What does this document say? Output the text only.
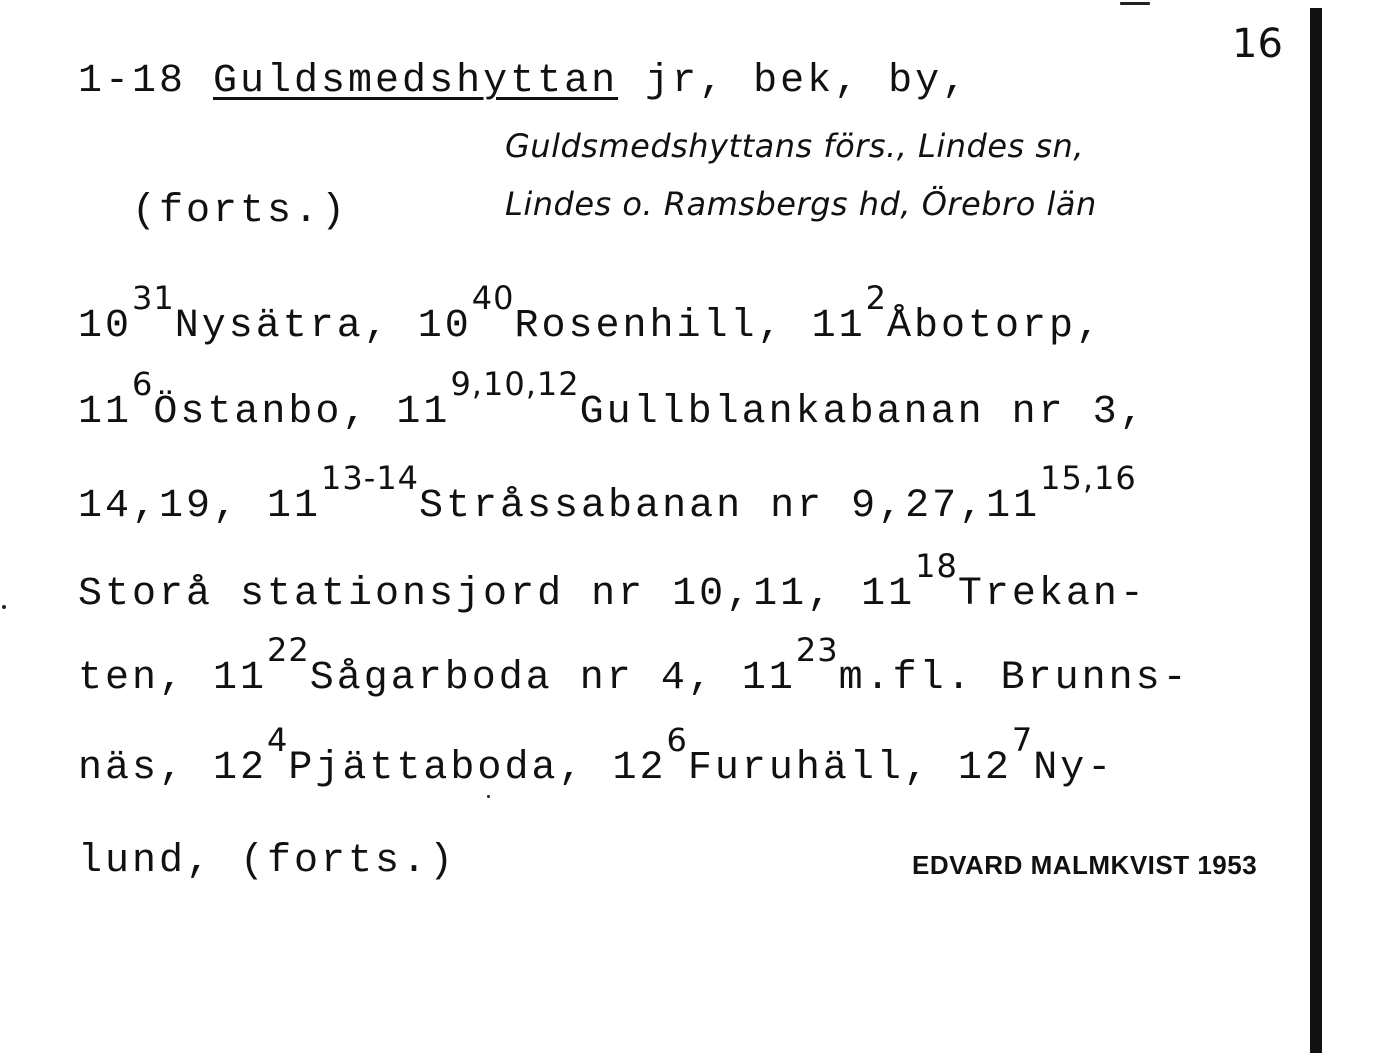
16
1-18 Guldsmedshyttan jr, bek, by,
(forts.)
Guldsmedshyttans förs., Lindes sn,
Lindes o. Ramsbergs hd, Örebro län
$10^{31}Nysätra$, $10^{40}Rosenhill$, $11^2Åbotorp$,
$11^6Östanbo$, 11$^{9,10,12}$Gullblankabanan nr 3,
14,19, 11$^{13-14}$Stråssabanan nr 9,27,11$^{15,16}$
Storå stationsjord nr 10,11, $11^{18}Trekan-$
ten, $11^{22}Sågarboda$ nr 4, $11^{23}m.fl$. Brunns-
näs, $12^4Pjättaboda$, $12^6Furuhäll$, $12^7Ny-$
lund, (forts.)	EDVARD MALMKVIST 1953
